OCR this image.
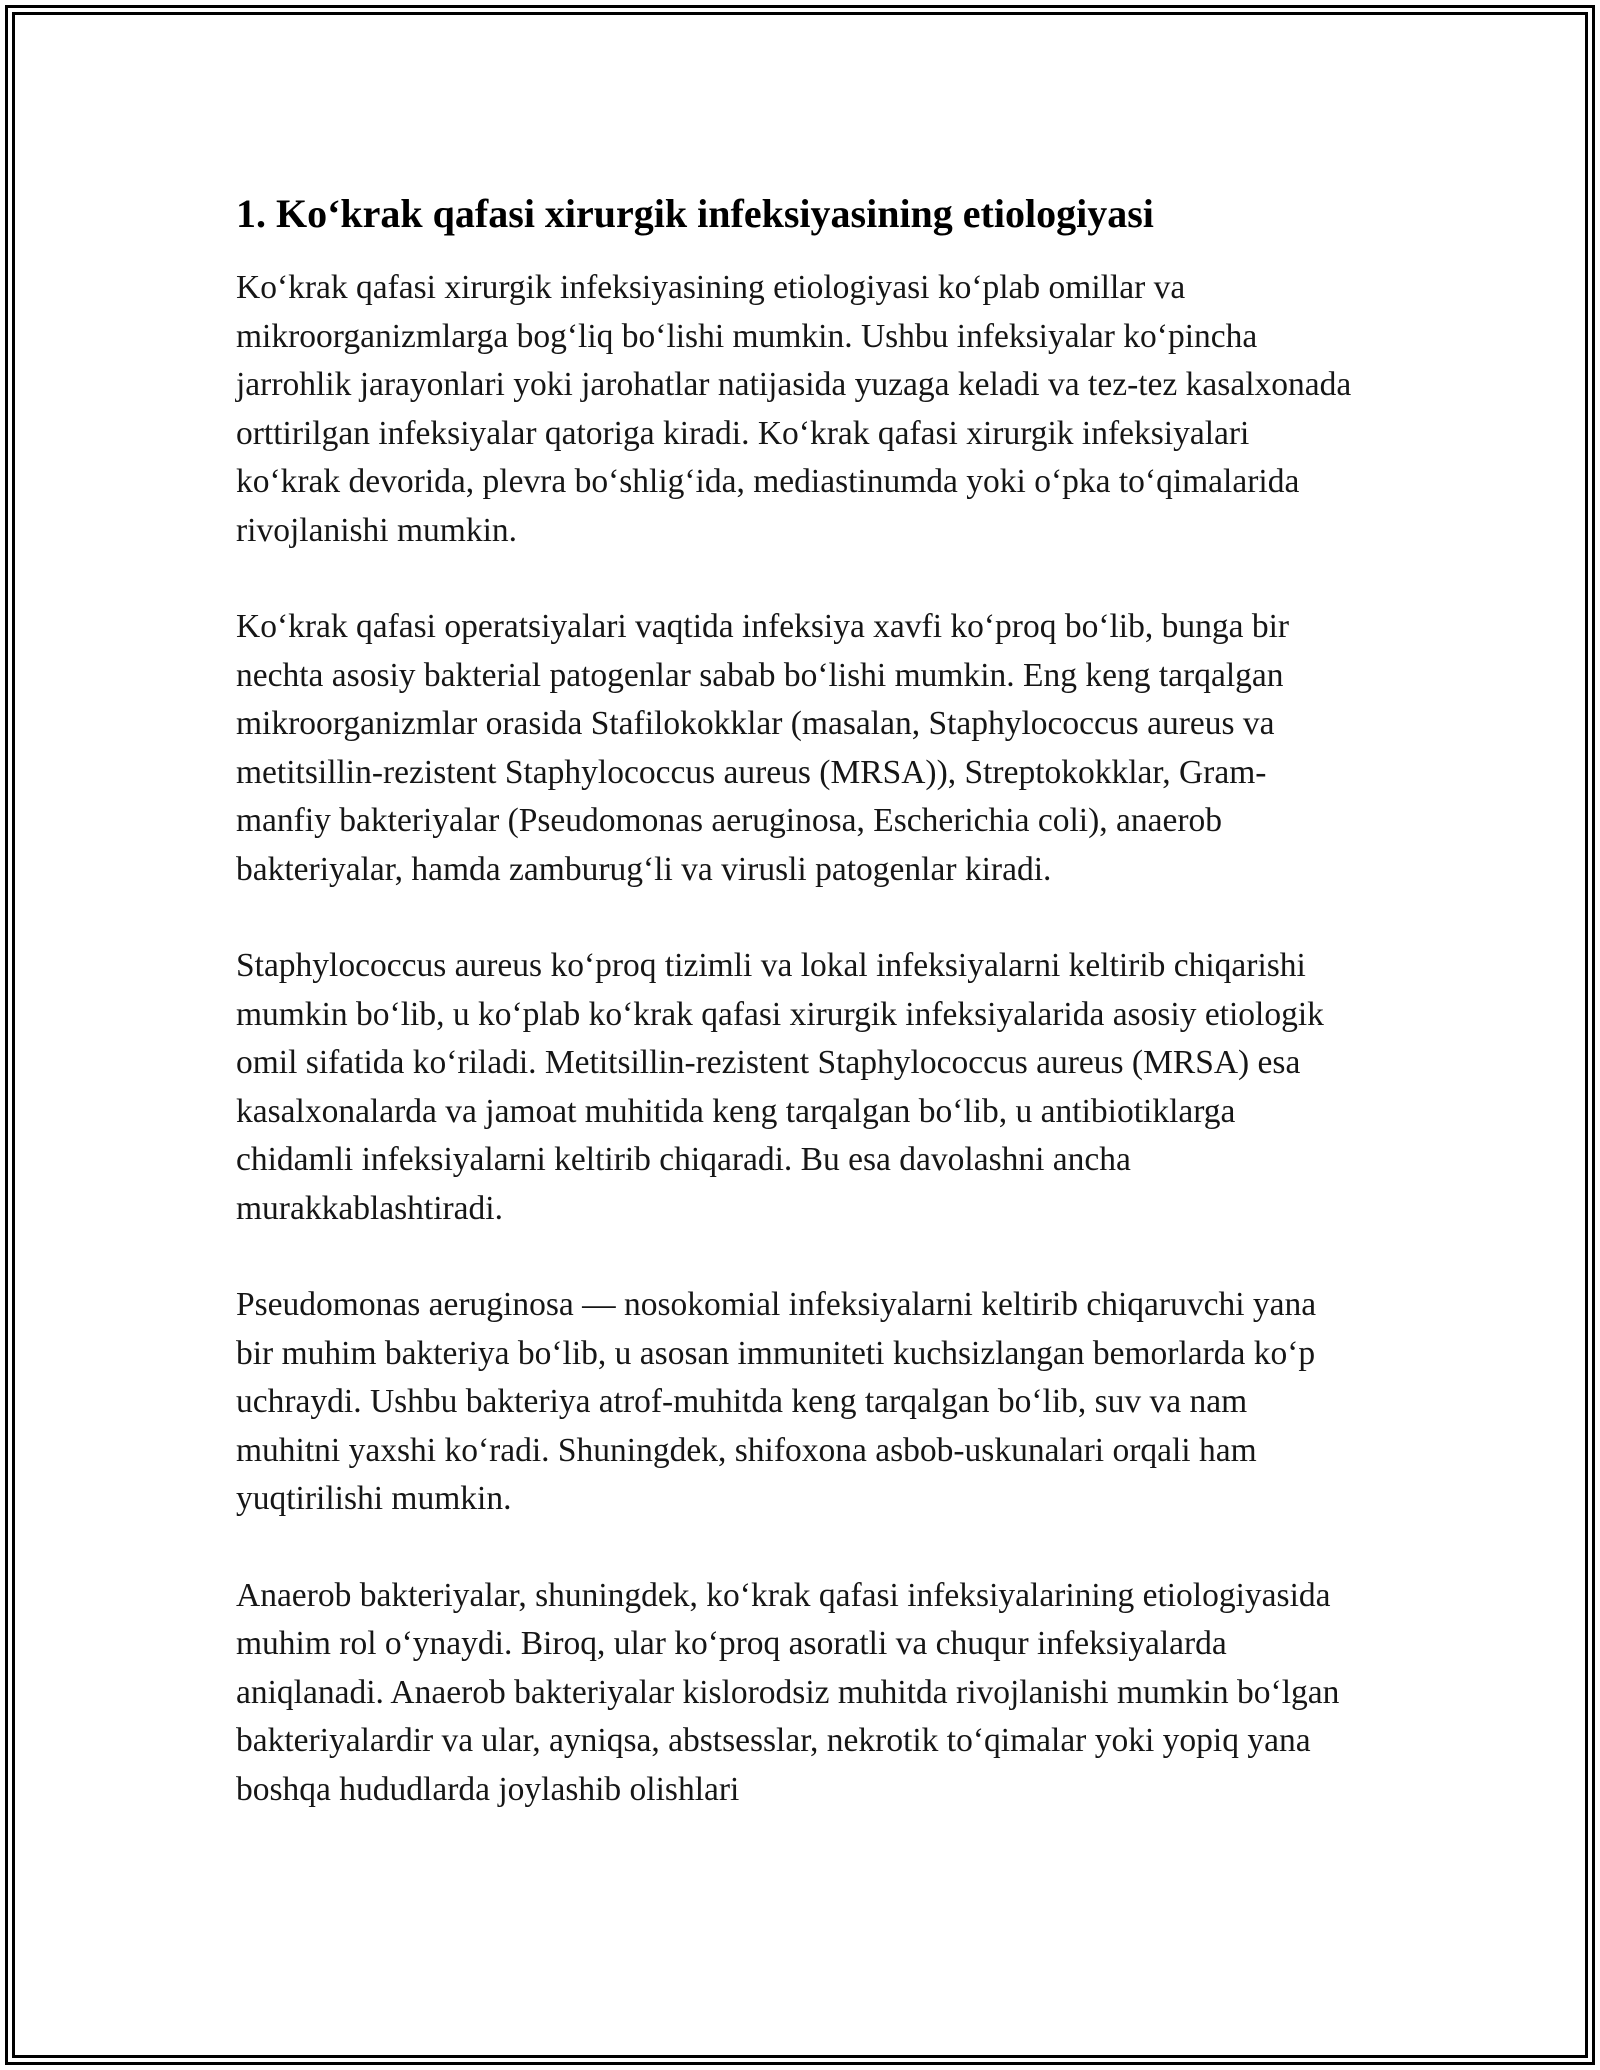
1. Ko‘krak qafasi xirurgik infeksiyasining etiologiyasi

Ko‘krak qafasi xirurgik infeksiyasining etiologiyasi ko‘plab omillar va mikroorganizmlarga bog‘liq bo‘lishi mumkin. Ushbu infeksiyalar ko‘pincha jarrohlik jarayonlari yoki jarohatlar natijasida yuzaga keladi va tez-tez kasalxonada orttirilgan infeksiyalar qatoriga kiradi. Ko‘krak qafasi xirurgik infeksiyalari ko‘krak devorida, plevra bo‘shlig‘ida, mediastinumda yoki o‘pka to‘qimalarida rivojlanishi mumkin.

Ko‘krak qafasi operatsiyalari vaqtida infeksiya xavfi ko‘proq bo‘lib, bunga bir nechta asosiy bakterial patogenlar sabab bo‘lishi mumkin. Eng keng tarqalgan mikroorganizmlar orasida Stafilokokklar (masalan, Staphylococcus aureus va metitsillin-rezistent Staphylococcus aureus (MRSA)), Streptokokklar, Gram-manfiy bakteriyalar (Pseudomonas aeruginosa, Escherichia coli), anaerob bakteriyalar, hamda zamburug‘li va virusli patogenlar kiradi.

Staphylococcus aureus ko‘proq tizimli va lokal infeksiyalarni keltirib chiqarishi mumkin bo‘lib, u ko‘plab ko‘krak qafasi xirurgik infeksiyalarida asosiy etiologik omil sifatida ko‘riladi. Metitsillin-rezistent Staphylococcus aureus (MRSA) esa kasalxonalarda va jamoat muhitida keng tarqalgan bo‘lib, u antibiotiklarga chidamli infeksiyalarni keltirib chiqaradi. Bu esa davolashni ancha murakkablashtiradi.

Pseudomonas aeruginosa — nosokomial infeksiyalarni keltirib chiqaruvchi yana bir muhim bakteriya bo‘lib, u asosan immuniteti kuchsizlangan bemorlarda ko‘p uchraydi. Ushbu bakteriya atrof-muhitda keng tarqalgan bo‘lib, suv va nam muhitni yaxshi ko‘radi. Shuningdek, shifoxona asbob-uskunalari orqali ham yuqtirilishi mumkin.

Anaerob bakteriyalar, shuningdek, ko‘krak qafasi infeksiyalarining etiologiyasida muhim rol o‘ynaydi. Biroq, ular ko‘proq asoratli va chuqur infeksiyalarda aniqlanadi. Anaerob bakteriyalar kislorodsiz muhitda rivojlanishi mumkin bo‘lgan bakteriyalardir va ular, ayniqsa, abstsesslar, nekrotik to‘qimalar yoki yopiq yana boshqa hududlarda joylashib olishlari
